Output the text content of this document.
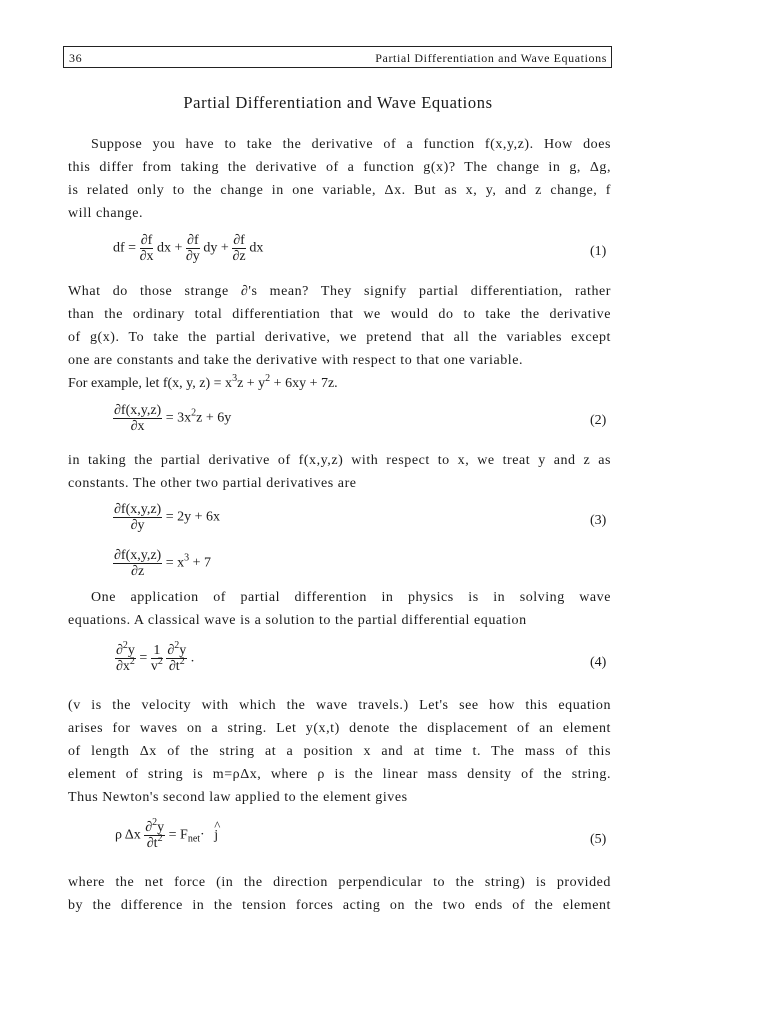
36	Partial Differentiation and Wave Equations
Partial Differentiation and Wave Equations
Suppose you have to take the derivative of a function f(x,y,z). How does
this differ from taking the derivative of a function g(x)? The change in g, Δg,
is related only to the change in one variable, Δx. But as x, y, and z change, f
will change.
df = $\frac{\partial f}{\partial x}$ dx + $\frac{\partial f}{\partial y}$ dy + $\frac{\partial f}{\partial z}$ dx	(1)
What do those strange ∂'s mean? They signify partial differentiation, rather
than the ordinary total differentiation that we would do to take the derivative
of g(x). To take the partial derivative, we pretend that all the variables except
one are constants and take the derivative with respect to that one variable.
For example, let f(x, y, $z) = x^3z + y^2 + 6xy + 7z$.
$\frac{\partial f(x,y,z)}{\partial x} = 3x^2z + 6y$	(2)
in taking the partial derivative of f(x,y,z) with respect to x, we treat y and z as
constants. The other two partial derivatives are
$\frac{\partial f(x,y,z)}{\partial y} = 2y + 6x$	(3)
$\frac{\partial f(x,y,z)}{\partial z} = x^3 + 7$
One application of partial differention in physics is in solving wave
equations. A classical wave is a solution to the partial differential equation
$\frac{\partial^2y}{\partial x^2} = \frac{1}{v^2}$
$\frac{\partial^2y}{\partial t^2}$ .	(4)
(v is the velocity with which the wave travels.) Let's see how this equation
arises for waves on a string. Let y(x,t) denote the displacement of an element
of length Δx of the string at a position x and at time t. The mass of this
element of string is m=ρΔx, where ρ is the linear mass density of the string.
Thus Newton's second law applied to the element gives
ρ Δx $\frac{\partial^2y}{\partial t^2} = F_{net}\cdot$ ^ j	(5)
where the net force (in the direction perpendicular to the string) is provided
by the difference in the tension forces acting on the two ends of the element
